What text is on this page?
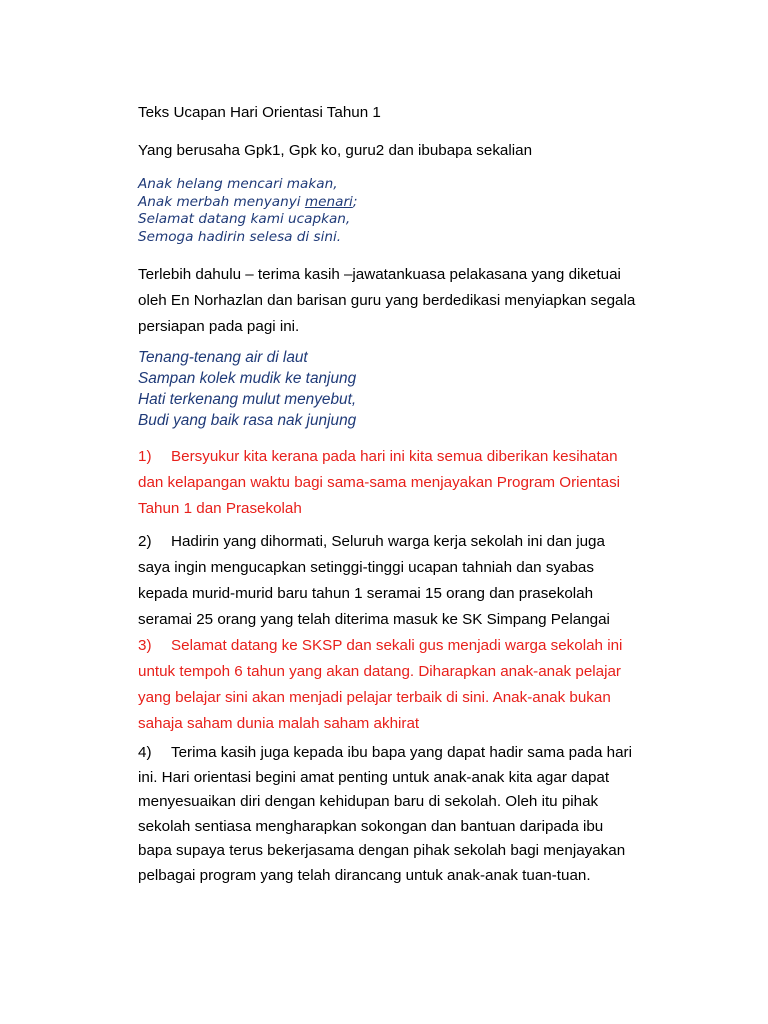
Teks Ucapan Hari Orientasi Tahun 1
Yang berusaha Gpk1, Gpk ko, guru2 dan ibubapa sekalian
Anak helang mencari makan,
Anak merbah menyanyi menari;
Selamat datang kami ucapkan,
Semoga hadirin selesa di sini.
Terlebih dahulu – terima kasih –jawatankuasa pelakasana yang diketuai
oleh En Norhazlan dan barisan guru yang berdedikasi menyiapkan segala
persiapan pada pagi ini.
Tenang-tenang air di laut
Sampan kolek mudik ke tanjung
Hati terkenang mulut menyebut,
Budi yang baik rasa nak junjung
1) Bersyukur kita kerana pada hari ini kita semua diberikan kesihatan
dan kelapangan waktu bagi sama-sama menjayakan Program Orientasi
Tahun 1 dan Prasekolah
2) Hadirin yang dihormati, Seluruh warga kerja sekolah ini dan juga
saya ingin mengucapkan setinggi-tinggi ucapan tahniah dan syabas
kepada murid-murid baru tahun 1 seramai 15 orang dan prasekolah
seramai 25 orang yang telah diterima masuk ke SK Simpang Pelangai
3) Selamat datang ke SKSP dan sekali gus menjadi warga sekolah ini
untuk tempoh 6 tahun yang akan datang. Diharapkan anak-anak pelajar
yang belajar sini akan menjadi pelajar terbaik di sini. Anak-anak bukan
sahaja saham dunia malah saham akhirat
4) Terima kasih juga kepada ibu bapa yang dapat hadir sama pada hari
ini. Hari orientasi begini amat penting untuk anak-anak kita agar dapat
menyesuaikan diri dengan kehidupan baru di sekolah. Oleh itu pihak
sekolah sentiasa mengharapkan sokongan dan bantuan daripada ibu
bapa supaya terus bekerjasama dengan pihak sekolah bagi menjayakan
pelbagai program yang telah dirancang untuk anak-anak tuan-tuan.
